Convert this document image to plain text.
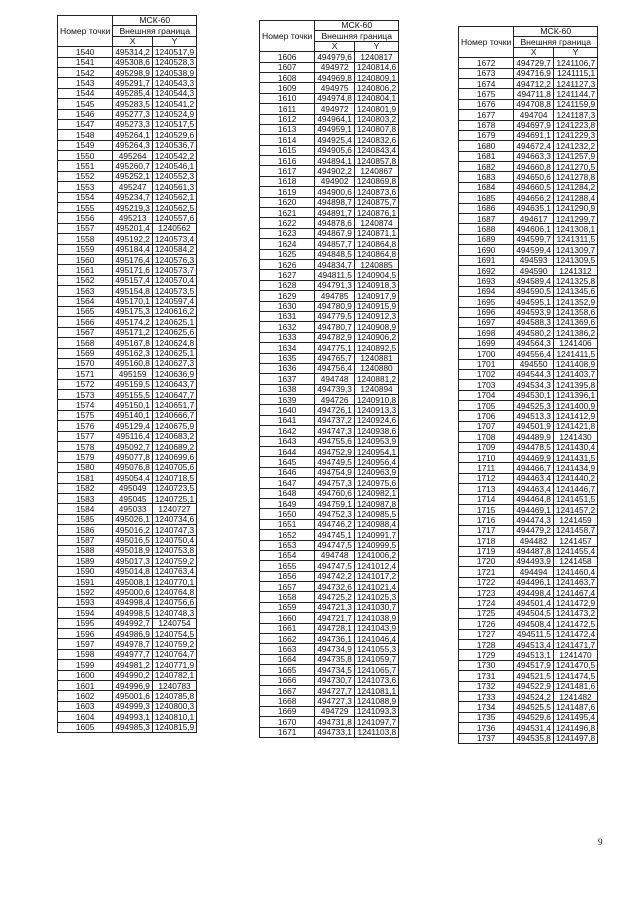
Номер точки	МСК-60	
	Внешняя граница	
	X	Y
1540	495314,2	1240517,9
1541	495308,6	1240528,3
1542	495298,9	1240538,9
1543	495291,7	1240543,3
1544	495285,4	1240544,3
1545	495283,5	1240541,2
1546	495277,3	1240524,9
1547	495273,3	1240517,5
1548	495264,1	1240529,6
1549	495264,3	1240536,7
1550	495264	1240542,2
1551	495260,7	1240546,1
1552	495252,1	1240552,3
1553	495247	1240561,3
1554	495234,7	1240562,1
1555	495219,3	1240562,5
1556	495213	1240557,6
1557	495201,4	1240562
1558	495192,2	1240573,4
1559	495184,4	1240584,2
1560	495176,4	1240576,3
1561	495171,6	1240573,7
1562	495157,4	1240570,4
1563	495154,8	1240573,5
1564	495170,1	1240597,4
1565	495175,3	1240616,2
1566	495174,2	1240625,1
1567	495171,2	1240625,6
1568	495167,8	1240624,8
1569	495162,3	1240625,1
1570	495160,8	1240627,3
1571	495159	1240636,9
1572	495159,5	1240643,7
1573	495155,5	1240647,7
1574	495150,1	1240651,7
1575	495140,1	1240666,7
1576	495129,4	1240675,9
1577	495116,4	1240683,2
1578	495092,7	1240689,2
1579	495077,8	1240699,6
1580	495076,8	1240705,6
1581	495054,4	1240718,5
1582	495049	1240723,5
1583	495045	1240725,1
1584	495033	1240727
1585	495026,1	1240734,6
1586	495016,2	1240747,3
1587	495016,5	1240750,4
1588	495018,9	1240753,8
1589	495017,3	1240759,2
1590	495014,8	1240763,4
1591	495008,1	1240770,1
1592	495000,6	1240764,8
1593	494998,4	1240756,6
1594	494998,5	1240748,3
1595	494992,7	1240754
1596	494986,9	1240754,5
1597	494978,7	1240759,2
1598	494977,7	1240764,7
1599	494981,2	1240771,9
1600	494990,2	1240782,1
1601	494996,9	1240783
1602	495001,6	1240785,8
1603	494999,3	1240800,3
1604	494993,1	1240810,1
1605	494985,3	1240815,9
Номер точки	МСК-60	
	Внешняя граница	
	X	Y
1606	494979,6	1240817
1607	494972	1240814,6
1608	494969,8	1240809,1
1609	494975	1240806,2
1610	494974,8	1240804,1
1611	494972	1240801,9
1612	494964,1	1240803,2
1613	494959,1	1240807,8
1614	494925,4	1240832,6
1615	494905,6	1240843,4
1616	494894,1	1240857,8
1617	494902,2	1240867
1618	494902	1240869,8
1619	494900,6	1240873,6
1620	494898,7	1240875,7
1621	494891,7	1240876,1
1622	494878,6	1240874
1623	494867,9	1240871,1
1624	494857,7	1240864,8
1625	494848,5	1240864,8
1626	494834,7	1240885
1627	494811,5	1240904,5
1628	494791,3	1240918,3
1629	494785	1240917,9
1630	494780,9	1240915,9
1631	494779,5	1240912,3
1632	494780,7	1240908,9
1633	494782,9	1240906,2
1634	494775,1	1240892,5
1635	494765,7	1240881
1636	494756,4	1240880
1637	494748	1240881,2
1638	494739,3	1240894
1639	494726	1240910,8
1640	494726,1	1240913,3
1641	494737,2	1240924,6
1642	494747,3	1240938,6
1643	494755,6	1240953,9
1644	494752,9	1240954,1
1645	494749,5	1240956,4
1646	494754,9	1240963,9
1647	494757,3	1240975,6
1648	494760,6	1240982,1
1649	494759,1	1240987,8
1650	494752,3	1240985,5
1651	494746,2	1240988,4
1652	494745,1	1240991,7
1653	494747,5	1240999,5
1654	494748	1241006,2
1655	494747,5	1241012,4
1656	494742,2	1241017,2
1657	494732,6	1241021,4
1658	494725,2	1241025,3
1659	494721,3	1241030,7
1660	494721,7	1241038,9
1661	494728,1	1241043,9
1662	494736,1	1241046,4
1663	494734,9	1241055,3
1664	494735,8	1241059,7
1665	494734,5	1241065,7
1666	494730,7	1241073,6
1667	494727,7	1241081,1
1668	494727,3	1241088,9
1669	494729	1241093,3
1670	494731,8	1241097,7
1671	494733,1	1241103,8
Номер точки	МСК-60	
	Внешняя граница	
	X	Y
1672	494729,7	1241106,7
1673	494716,9	1241115,1
1674	494712,2	1241127,3
1675	494711,8	1241144,7
1676	494708,8	1241159,9
1677	494704	1241187,3
1678	494697,9	1241223,8
1679	494691,1	1241229,3
1680	494672,4	1241232,2
1681	494663,3	1241257,9
1682	494660,8	1241270,5
1683	494650,6	1241278,8
1684	494660,5	1241284,2
1685	494656,2	1241288,4
1686	494635,1	1241290,9
1687	494617	1241299,7
1688	494606,1	1241308,1
1689	494599,7	1241311,5
1690	494599,4	1241309,7
1691	494593	1241309,5
1692	494590	1241312
1693	494589,4	1241325,8
1694	494590,5	1241345,6
1695	494595,1	1241352,9
1696	494593,9	1241358,6
1697	494588,3	1241369,6
1698	494580,2	1241386,2
1699	494564,3	1241406
1700	494556,4	1241411,5
1701	494550	1241408,9
1702	494544,3	1241403,7
1703	494534,3	1241395,8
1704	494530,1	1241396,1
1705	494525,3	1241400,9
1706	494513,3	1241412,9
1707	494501,9	1241421,8
1708	494489,9	1241430
1709	494478,5	1241430,4
1710	494469,9	1241431,5
1711	494466,7	1241434,9
1712	494463,4	1241440,2
1713	494463,4	1241446,7
1714	494464,8	1241451,5
1715	494469,1	1241457,2
1716	494474,3	1241459
1717	494479,2	1241458,7
1718	494482	1241457
1719	494487,8	1241455,4
1720	494493,9	1241458
1721	494494	1241460,4
1722	494496,1	1241463,7
1723	494498,4	1241467,4
1724	494501,4	1241472,9
1725	494504,5	1241473,2
1726	494508,4	1241472,5
1727	494511,5	1241472,4
1728	494513,4	1241471,7
1729	494513,1	1241470
1730	494517,9	1241470,5
1731	494521,5	1241474,5
1732	494522,9	1241481,6
1733	494524,2	1241482
1734	494525,5	1241487,6
1735	494529,6	1241495,4
1736	494531,4	1241496,8
1737	494535,8	1241497,8
9
